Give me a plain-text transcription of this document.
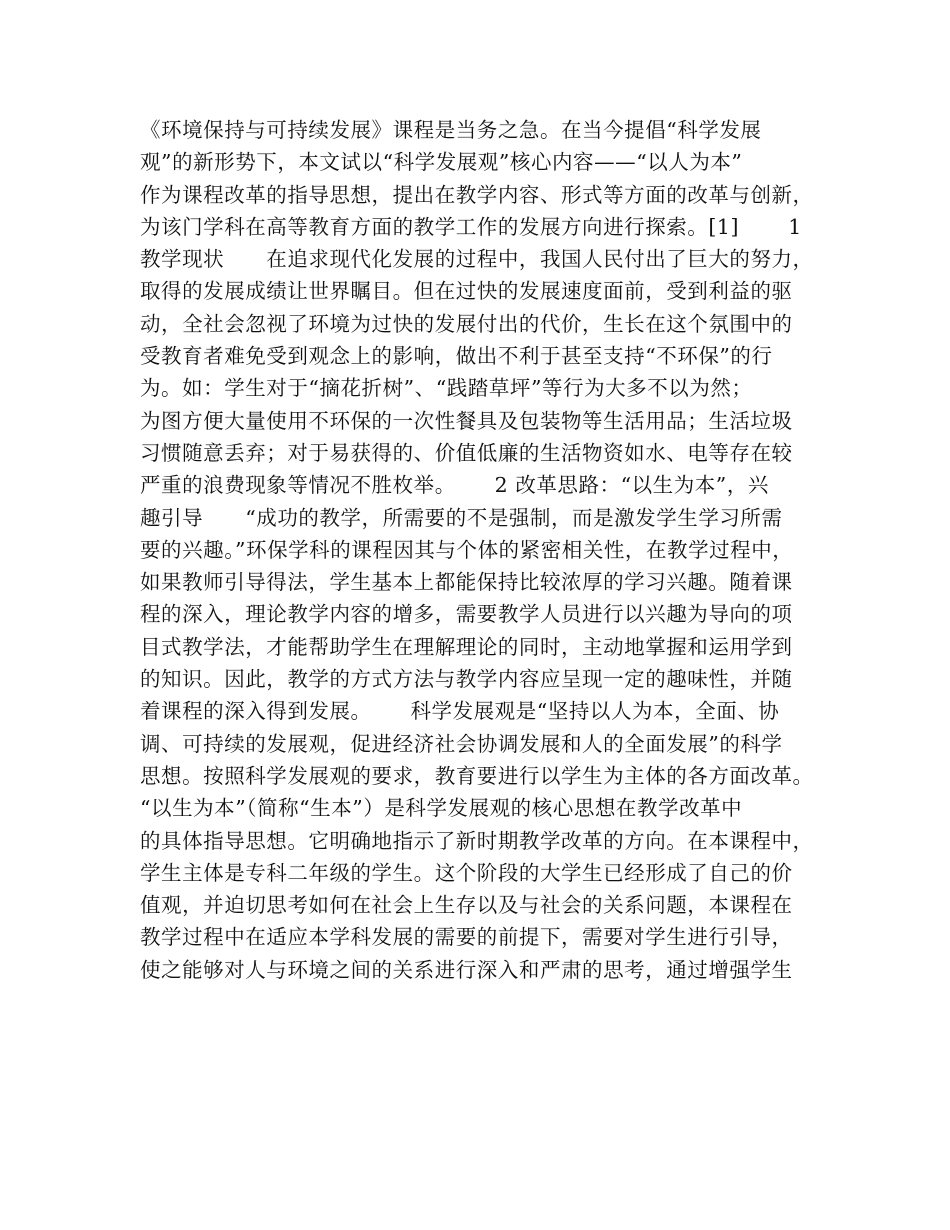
《环境保持与可持续发展》课程是当务之急。在当今提倡“科学发展
观”的新形势下，本文试以“科学发展观”核心内容——“以人为本”
作为课程改革的指导思想，提出在教学内容、形式等方面的改革与创新，
为该门学科在高等教育方面的教学工作的发展方向进行探索。[1]　　 1
教学现状　　在追求现代化发展的过程中，我国人民付出了巨大的努力，
取得的发展成绩让世界瞩目。但在过快的发展速度面前，受到利益的驱
动，全社会忽视了环境为过快的发展付出的代价，生长在这个氛围中的
受教育者难免受到观念上的影响，做出不利于甚至支持“不环保”的行
为。如：学生对于“摘花折树”、“践踏草坪”等行为大多不以为然；
为图方便大量使用不环保的一次性餐具及包装物等生活用品；生活垃圾
习惯随意丢弃；对于易获得的、价值低廉的生活物资如水、电等存在较
严重的浪费现象等情况不胜枚举。　　 2 改革思路：“以生为本”，兴
趣引导　　“成功的教学，所需要的不是强制，而是激发学生学习所需
要的兴趣。”环保学科的课程因其与个体的紧密相关性，在教学过程中，
如果教师引导得法，学生基本上都能保持比较浓厚的学习兴趣。随着课
程的深入，理论教学内容的增多，需要教学人员进行以兴趣为导向的项
目式教学法，才能帮助学生在理解理论的同时，主动地掌握和运用学到
的知识。因此，教学的方式方法与教学内容应呈现一定的趣味性，并随
着课程的深入得到发展。　　 科学发展观是“坚持以人为本，全面、协
调、可持续的发展观，促进经济社会协调发展和人的全面发展”的科学
思想。按照科学发展观的要求，教育要进行以学生为主体的各方面改革。
“以生为本”（简称“生本”）是科学发展观的核心思想在教学改革中
的具体指导思想。它明确地指示了新时期教学改革的方向。在本课程中，
学生主体是专科二年级的学生。这个阶段的大学生已经形成了自己的价
值观，并迫切思考如何在社会上生存以及与社会的关系问题，本课程在
教学过程中在适应本学科发展的需要的前提下，需要对学生进行引导，
使之能够对人与环境之间的关系进行深入和严肃的思考，通过增强学生
